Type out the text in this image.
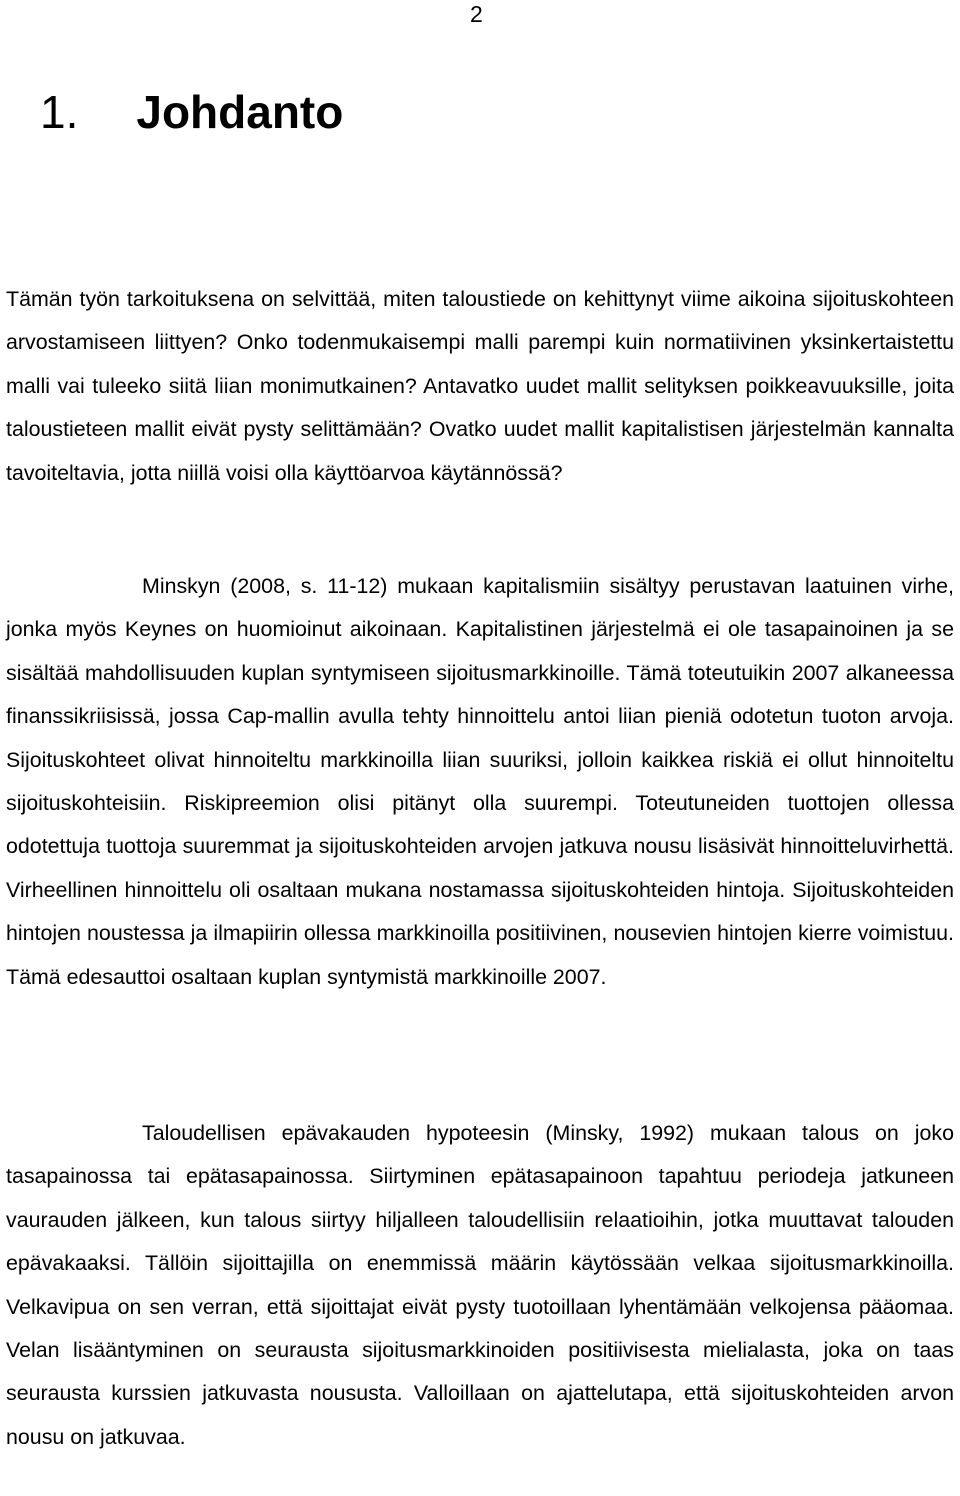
2
1. Johdanto

Tämän työn tarkoituksena on selvittää, miten taloustiede on kehittynyt viime aikoina sijoituskohteen arvostamiseen liittyen? Onko todenmukaisempi malli parempi kuin normatiivinen yksinkertaistettu malli vai tuleeko siitä liian monimutkainen? Antavatko uudet mallit selityksen poikkeavuuksille, joita taloustieteen mallit eivät pysty selittämään? Ovatko uudet mallit kapitalistisen järjestelmän kannalta tavoiteltavia, jotta niillä voisi olla käyttöarvoa käytännössä?

Minskyn (2008, s. 11-12) mukaan kapitalismiin sisältyy perustavan laatuinen virhe, jonka myös Keynes on huomioinut aikoinaan. Kapitalistinen järjestelmä ei ole tasapainoinen ja se sisältää mahdollisuuden kuplan syntymiseen sijoitusmarkkinoille. Tämä toteutuikin 2007 alkaneessa finanssikriisissä, jossa Cap-mallin avulla tehty hinnoittelu antoi liian pieniä odotetun tuoton arvoja. Sijoituskohteet olivat hinnoiteltu markkinoilla liian suuriksi, jolloin kaikkea riskiä ei ollut hinnoiteltu sijoituskohteisiin. Riskipreemion olisi pitänyt olla suurempi. Toteutuneiden tuottojen ollessa odotettuja tuottoja suuremmat ja sijoituskohteiden arvojen jatkuva nousu lisäsivät hinnoitteluvirhettä. Virheellinen hinnoittelu oli osaltaan mukana nostamassa sijoituskohteiden hintoja. Sijoituskohteiden hintojen noustessa ja ilmapiirin ollessa markkinoilla positiivinen, nousevien hintojen kierre voimistuu. Tämä edesauttoi osaltaan kuplan syntymistä markkinoille 2007.

Taloudellisen epävakauden hypoteesin (Minsky, 1992) mukaan talous on joko tasapainossa tai epätasapainossa. Siirtyminen epätasapainoon tapahtuu periodeja jatkuneen vaurauden jälkeen, kun talous siirtyy hiljalleen taloudellisiin relaatioihin, jotka muuttavat talouden epävakaaksi. Tällöin sijoittajilla on enemmissä määrin käytössään velkaa sijoitusmarkkinoilla. Velkavipua on sen verran, että sijoittajat eivät pysty tuotoillaan lyhentämään velkojensa pääomaa. Velan lisääntyminen on seurausta sijoitusmarkkinoiden positiivisesta mielialasta, joka on taas seurausta kurssien jatkuvasta noususta. Valloillaan on ajattelutapa, että sijoituskohteiden arvon nousu on jatkuvaa.
